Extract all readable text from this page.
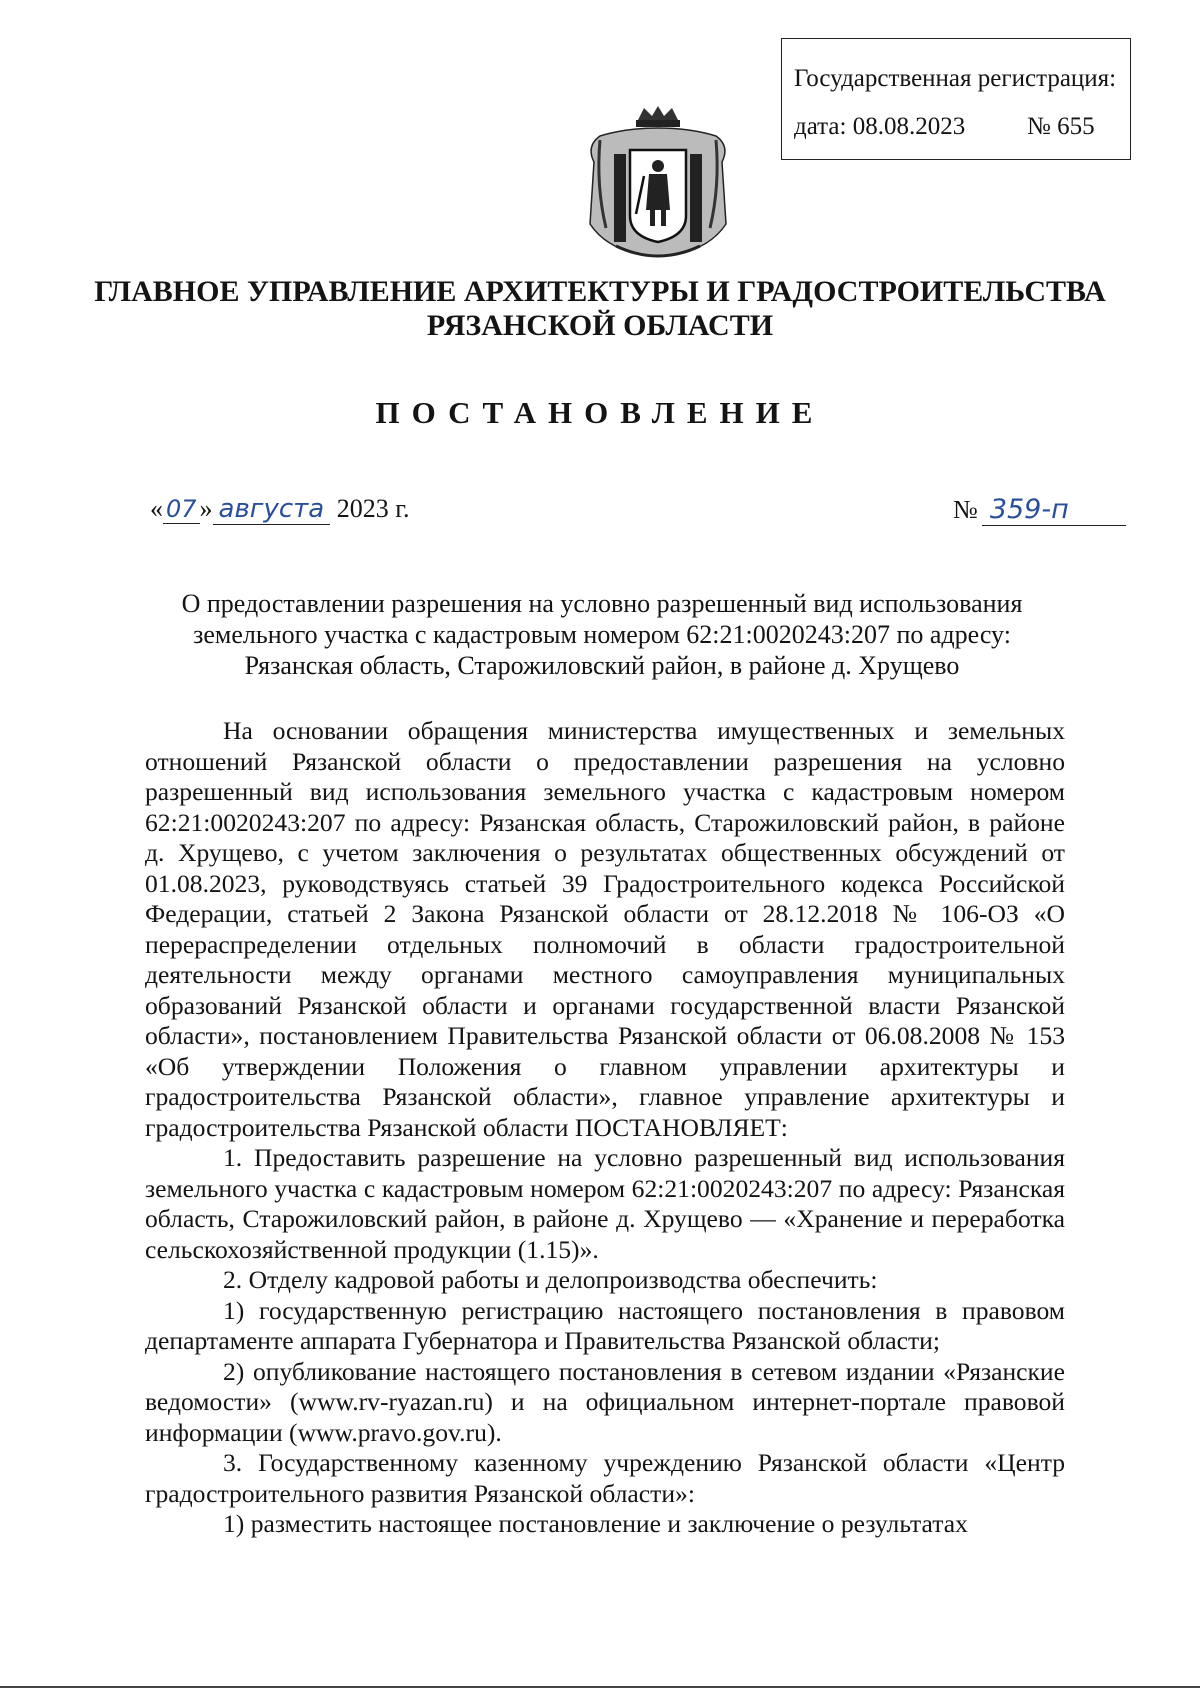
Государственная регистрация:
дата: 08.08.2023 № 655
ГЛАВНОЕ УПРАВЛЕНИЕ АРХИТЕКТУРЫ И ГРАДОСТРОИТЕЛЬСТВА
РЯЗАНСКОЙ ОБЛАСТИ
ПОСТАНОВЛЕНИЕ
« 07 » августа 2023 г.	№ 359-п
О предоставлении разрешения на условно разрешенный вид использования земельного участка с кадастровым номером 62:21:0020243:207 по адресу: Рязанская область, Старожиловский район, в районе д. Хрущево

На основании обращения министерства имущественных и земельных отношений Рязанской области о предоставлении разрешения на условно разрешенный вид использования земельного участка с кадастровым номером 62:21:0020243:207 по адресу: Рязанская область, Старожиловский район, в районе д. Хрущево, с учетом заключения о результатах общественных обсуждений от 01.08.2023, руководствуясь статьей 39 Градостроительного кодекса Российской Федерации, статьей 2 Закона Рязанской области от 28.12.2018 № 106-ОЗ «О перераспределении отдельных полномочий в области градостроительной деятельности между органами местного самоуправления муниципальных образований Рязанской области и органами государственной власти Рязанской области», постановлением Правительства Рязанской области от 06.08.2008 № 153 «Об утверждении Положения о главном управлении архитектуры и градостроительства Рязанской области», главное управление архитектуры и градостроительства Рязанской области ПОСТАНОВЛЯЕТ:

1. Предоставить разрешение на условно разрешенный вид использования земельного участка с кадастровым номером 62:21:0020243:207 по адресу: Рязанская область, Старожиловский район, в районе д. Хрущево — «Хранение и переработка сельскохозяйственной продукции (1.15)».

2. Отделу кадровой работы и делопроизводства обеспечить:

1) государственную регистрацию настоящего постановления в правовом департаменте аппарата Губернатора и Правительства Рязанской области;

2) опубликование настоящего постановления в сетевом издании «Рязанские ведомости» (www.rv-ryazan.ru) и на официальном интернет-портале правовой информации (www.pravo.gov.ru).

3. Государственному казенному учреждению Рязанской области «Центр градостроительного развития Рязанской области»:

1) разместить настоящее постановление и заключение о результатах
